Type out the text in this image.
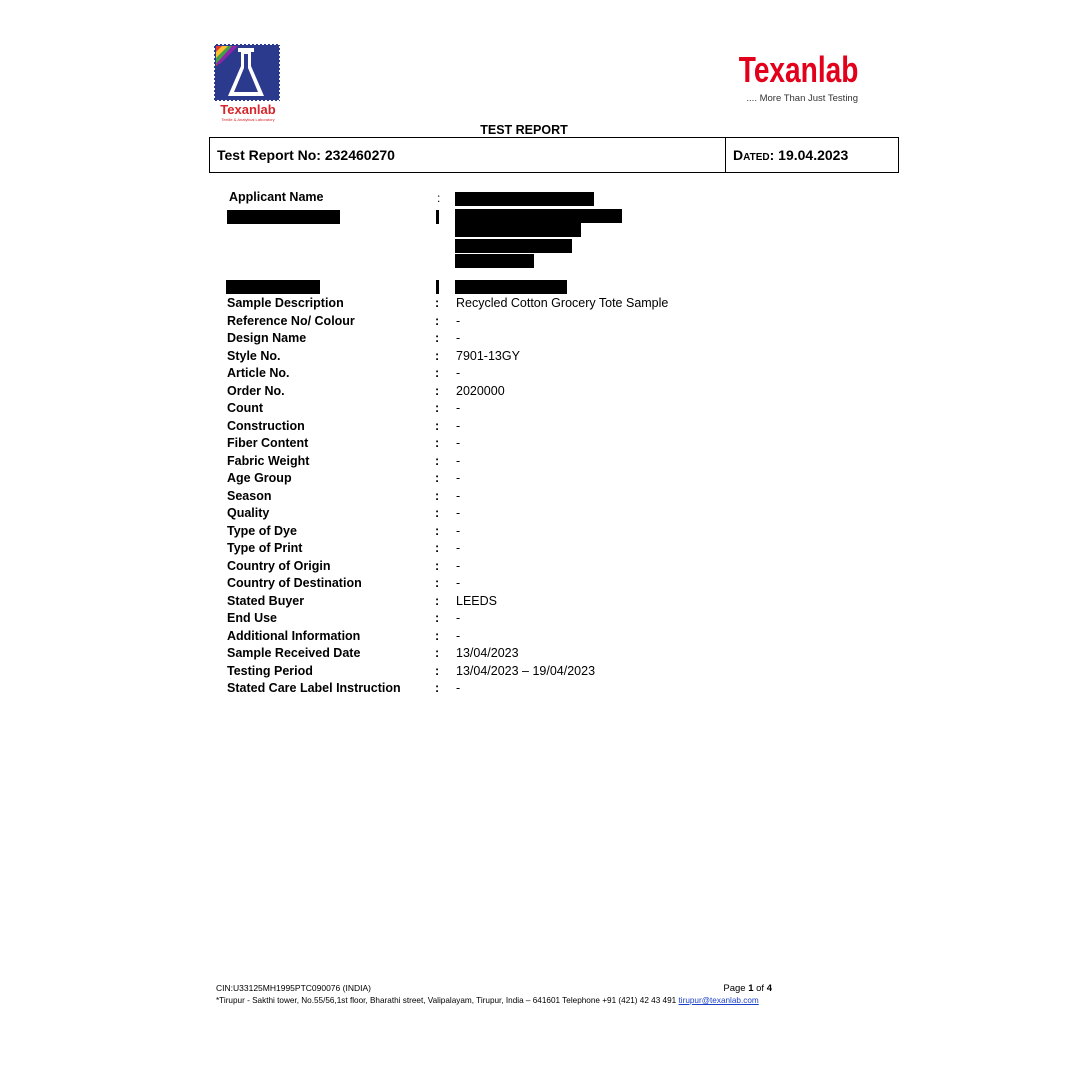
Texanlab
Textile & Analytical Laboratory
Texanlab
.... More Than Just Testing
TEST REPORT
Test Report No: 232460270	Dated: 19.04.2023
Applicant Name	:
Sample Description	:	Recycled Cotton Grocery Tote Sample
Reference No/ Colour	:	-
Design Name	:	-
Style No.	:	7901-13GY
Article No.	:	-
Order No.	:	2020000
Count	:	-
Construction	:	-
Fiber Content	:	-
Fabric Weight	:	-
Age Group	:	-
Season	:	-
Quality	:	-
Type of Dye	:	-
Type of Print	:	-
Country of Origin	:	-
Country of Destination	:	-
Stated Buyer	:	LEEDS
End Use	:	-
Additional Information	:	-
Sample Received Date	:	13/04/2023
Testing Period	:	13/04/2023 – 19/04/2023
Stated Care Label Instruction	:	-
CIN:U33125MH1995PTC090076 (INDIA)	Page 1 of 4
*Tirupur - Sakthi tower, No.55/56,1st floor, Bharathi street, Valipalayam, Tirupur, India – 641601 Telephone +91 (421) 42 43 491 tirupur@texanlab.com
